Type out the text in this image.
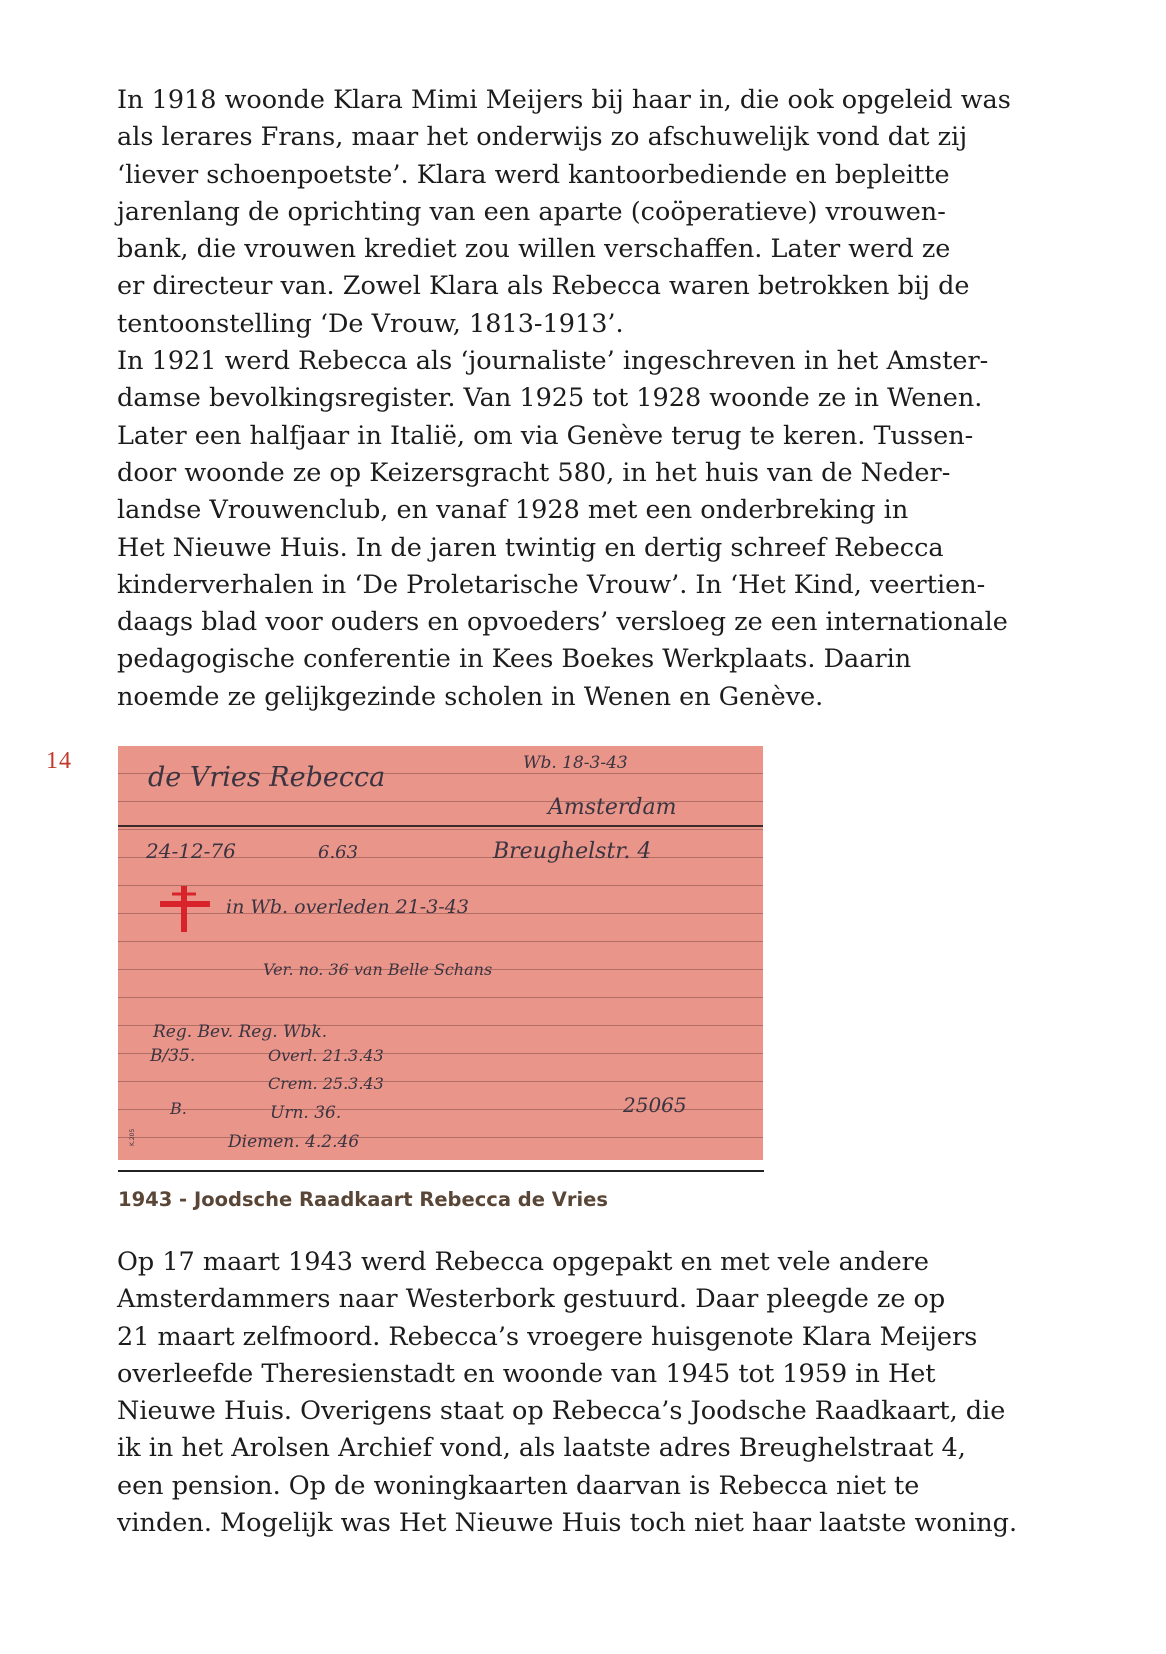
14

In 1918 woonde Klara Mimi Meijers bij haar in, die ook opgeleid was
als lerares Frans, maar het onderwijs zo afschuwelijk vond dat zij
‘liever schoenpoetste’. Klara werd kantoorbediende en bepleitte
jarenlang de oprichting van een aparte (coöperatieve) vrouwen-
bank, die vrouwen krediet zou willen verschaffen. Later werd ze
er directeur van. Zowel Klara als Rebecca waren betrokken bij de
tentoonstelling ‘De Vrouw, 1813-1913’.
In 1921 werd Rebecca als ‘journaliste’ ingeschreven in het Amster-
damse bevolkingsregister. Van 1925 tot 1928 woonde ze in Wenen.
Later een halfjaar in Italië, om via Genève terug te keren. Tussen-
door woonde ze op Keizersgracht 580, in het huis van de Neder-
landse Vrouwenclub, en vanaf 1928 met een onderbreking in
Het Nieuwe Huis. In de jaren twintig en dertig schreef Rebecca
kinderverhalen in ‘De Proletarische Vrouw’. In ‘Het Kind, veertien-
daags blad voor ouders en opvoeders’ versloeg ze een internationale
pedagogische conferentie in Kees Boekes Werkplaats. Daarin
noemde ze gelijkgezinde scholen in Wenen en Genève.

de Vries Rebecca	Wb. 18-3-43
Amsterdam
24-12-76	6.63	Breughelstr. 4
in Wb. overleden 21-3-43
Ver. no. 36 van Belle Schans
Reg. Bev. Reg. Wbk.
B/35.	Overl. 21.3.43
Crem. 25.3.43
B.	Urn. 36.	25065
Diemen. 4.2.46
K.205
1943 - Joodsche Raadkaart Rebecca de Vries

Op 17 maart 1943 werd Rebecca opgepakt en met vele andere
Amsterdammers naar Westerbork gestuurd. Daar pleegde ze op
21 maart zelfmoord. Rebecca’s vroegere huisgenote Klara Meijers
overleefde Theresienstadt en woonde van 1945 tot 1959 in Het
Nieuwe Huis. Overigens staat op Rebecca’s Joodsche Raadkaart, die
ik in het Arolsen Archief vond, als laatste adres Breughelstraat 4,
een pension. Op de woningkaarten daarvan is Rebecca niet te
vinden. Mogelijk was Het Nieuwe Huis toch niet haar laatste woning.
